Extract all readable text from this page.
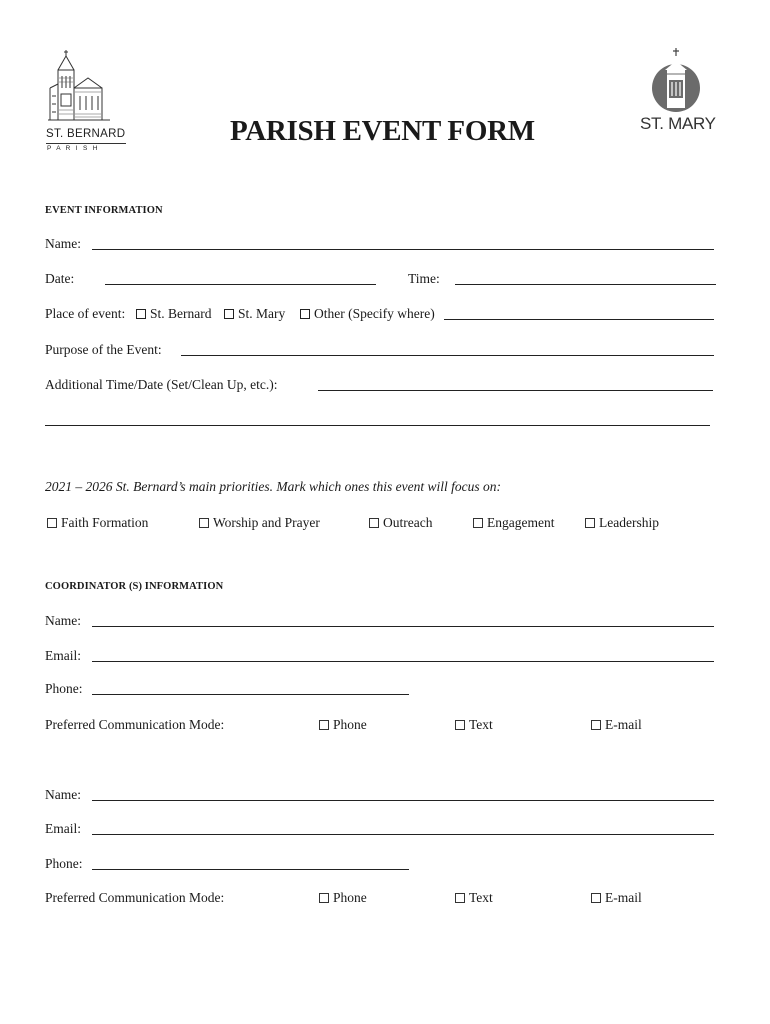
ST. BERNARD
P A R I S H
PARISH EVENT FORM	ST. MARY
EVENT INFORMATION
Name:
Date:	Time:
Place of event:	St. Bernard	St. Mary	Other (Specify where)
Purpose of the Event:
Additional Time/Date (Set/Clean Up, etc.):
2021 – 2026 St. Bernard’s main priorities. Mark which ones this event will focus on:
Faith Formation	Worship and Prayer	Outreach	Engagement	Leadership
COORDINATOR (S) INFORMATION
Name:
Email:
Phone:
Preferred Communication Mode:	Phone	Text	E-mail
Name:
Email:
Phone:
Preferred Communication Mode:	Phone	Text	E-mail
